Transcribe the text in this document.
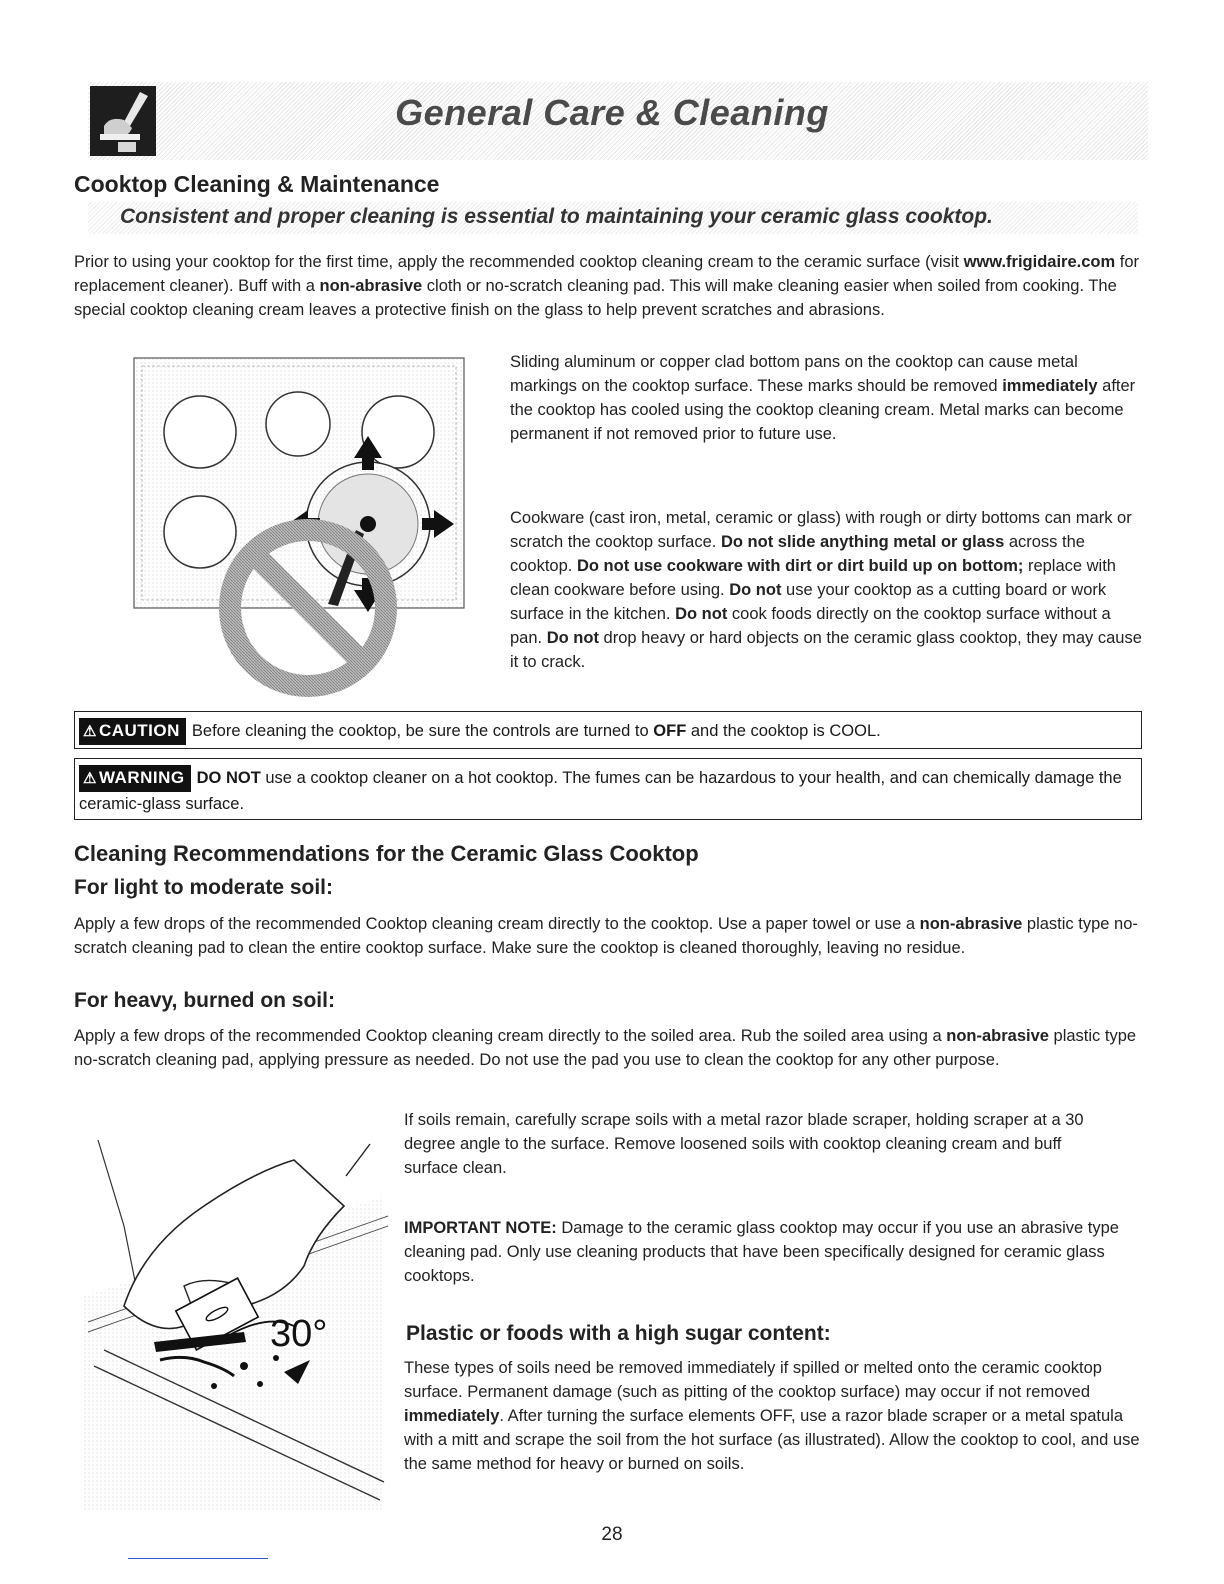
General Care & Cleaning
Cooktop Cleaning & Maintenance
Consistent and proper cleaning is essential to maintaining your ceramic glass cooktop.

Prior to using your cooktop for the first time, apply the recommended cooktop cleaning cream to the ceramic surface (visit www.frigidaire.com for replacement cleaner). Buff with a non-abrasive cloth or no-scratch cleaning pad. This will make cleaning easier when soiled from cooking. The special cooktop cleaning cream leaves a protective finish on the glass to help prevent scratches and abrasions.

Sliding aluminum or copper clad bottom pans on the cooktop can cause metal markings on the cooktop surface. These marks should be removed immediately after the cooktop has cooled using the cooktop cleaning cream. Metal marks can become permanent if not removed prior to future use.

Cookware (cast iron, metal, ceramic or glass) with rough or dirty bottoms can mark or scratch the cooktop surface. Do not slide anything metal or glass across the cooktop. Do not use cookware with dirt or dirt build up on bottom; replace with clean cookware before using. Do not use your cooktop as a cutting board or work surface in the kitchen. Do not cook foods directly on the cooktop surface without a pan. Do not drop heavy or hard objects on the ceramic glass cooktop, they may cause it to crack.

⚠ CAUTION Before cleaning the cooktop, be sure the controls are turned to OFF and the cooktop is COOL.
⚠ WARNING DO NOT use a cooktop cleaner on a hot cooktop. The fumes can be hazardous to your health, and can chemically damage the ceramic-glass surface.
Cleaning Recommendations for the Ceramic Glass Cooktop
For light to moderate soil:

Apply a few drops of the recommended Cooktop cleaning cream directly to the cooktop. Use a paper towel or use a non-abrasive plastic type no-scratch cleaning pad to clean the entire cooktop surface. Make sure the cooktop is cleaned thoroughly, leaving no residue.

For heavy, burned on soil:

Apply a few drops of the recommended Cooktop cleaning cream directly to the soiled area. Rub the soiled area using a non-abrasive plastic type no-scratch cleaning pad, applying pressure as needed. Do not use the pad you use to clean the cooktop for any other purpose.

30°

If soils remain, carefully scrape soils with a metal razor blade scraper, holding scraper at a 30 degree angle to the surface. Remove loosened soils with cooktop cleaning cream and buff surface clean.

IMPORTANT NOTE: Damage to the ceramic glass cooktop may occur if you use an abrasive type cleaning pad. Only use cleaning products that have been specifically designed for ceramic glass cooktops.

Plastic or foods with a high sugar content:

These types of soils need be removed immediately if spilled or melted onto the ceramic cooktop surface. Permanent damage (such as pitting of the cooktop surface) may occur if not removed immediately. After turning the surface elements OFF, use a razor blade scraper or a metal spatula with a mitt and scrape the soil from the hot surface (as illustrated). Allow the cooktop to cool, and use the same method for heavy or burned on soils.

28
